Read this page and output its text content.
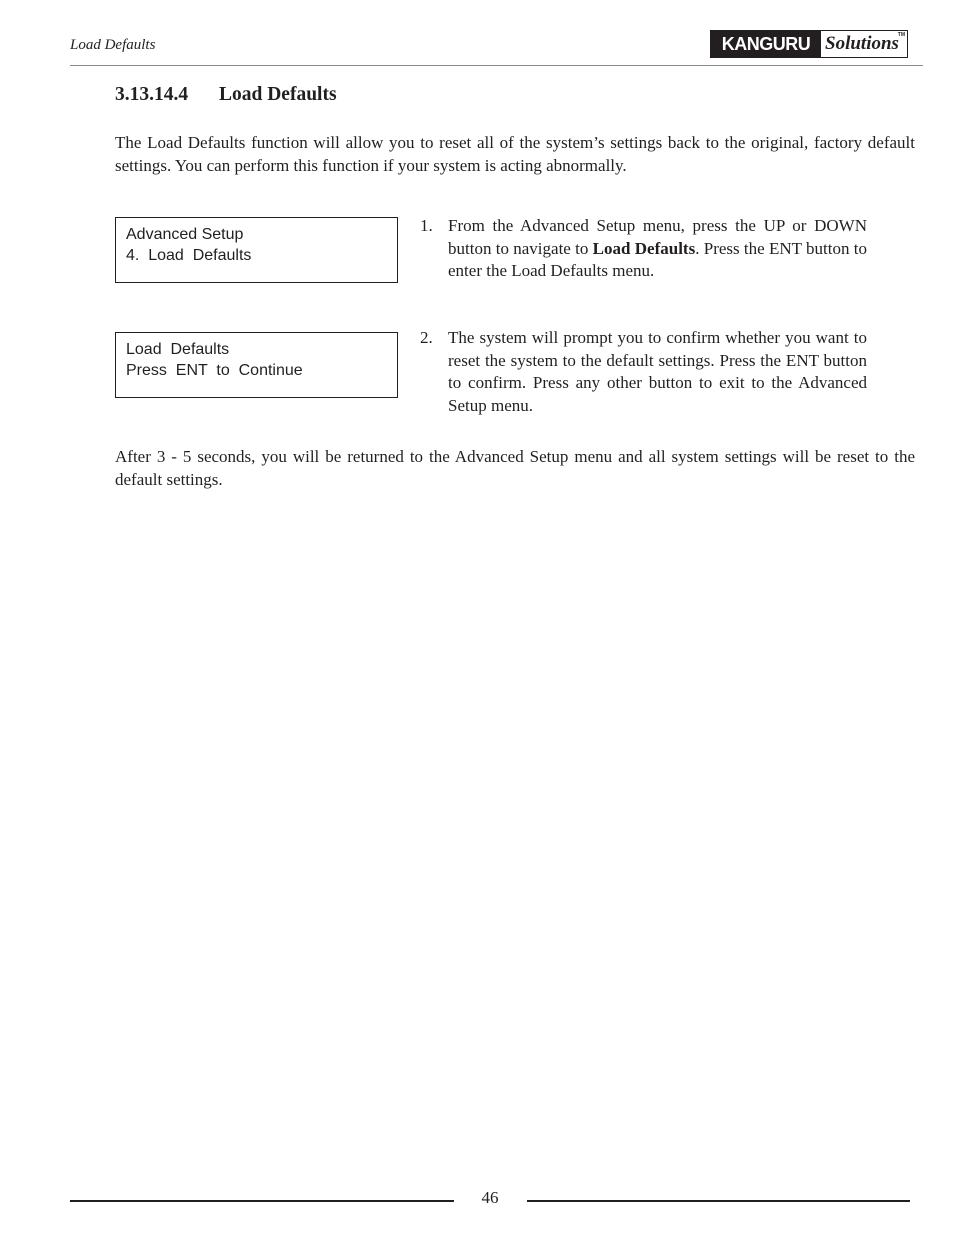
Load Defaults	KANGURU Solutions
TM
3.13.14.4 Load Defaults

The Load Defaults function will allow you to reset all of the system’s settings back to the original, factory default settings. You can perform this function if your system is acting abnormally.

Advanced Setup
4.  Load  Defaults
1. From the Advanced Setup menu, press the UP or DOWN button to navigate to Load Defaults. Press the ENT button to enter the Load Defaults menu.
Load  Defaults
Press  ENT  to  Continue
2. The system will prompt you to confirm whether you want to reset the system to the default settings. Press the ENT button to confirm. Press any other button to exit to the Advanced Setup menu.

After 3 - 5 seconds, you will be returned to the Advanced Setup menu and all system settings will be reset to the default settings.

46
